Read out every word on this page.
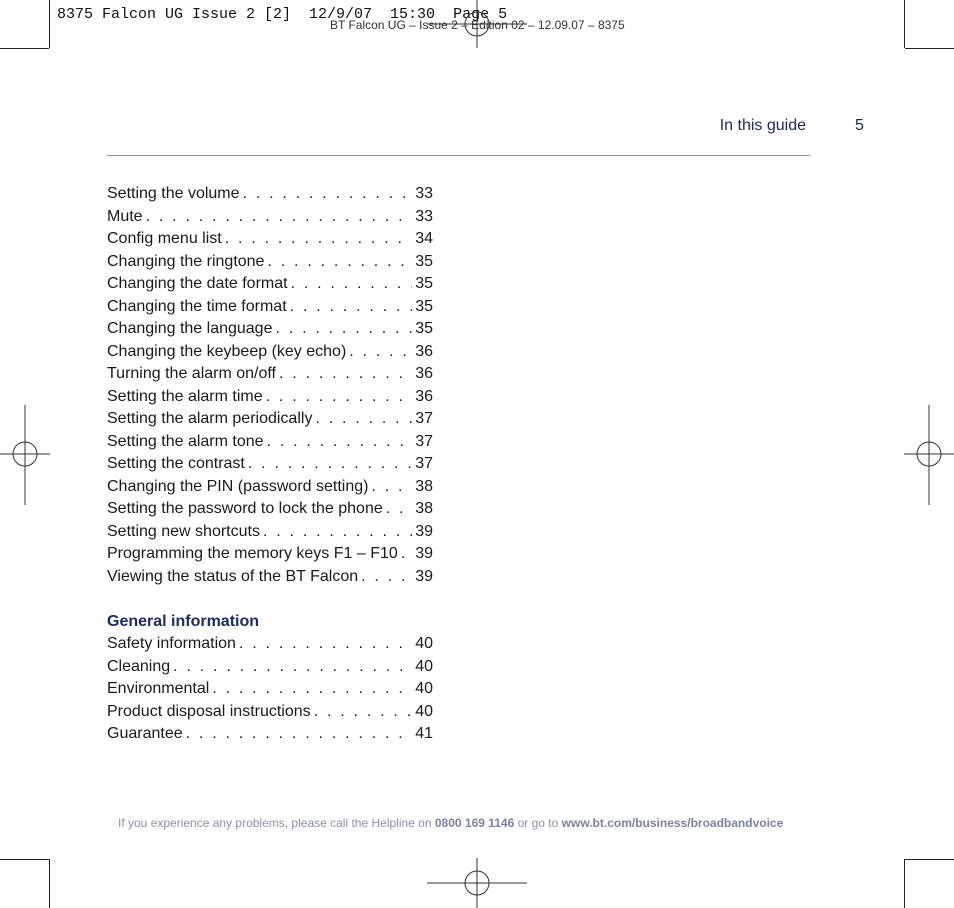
BT Falcon UG – Issue 2 – Edition 02 – 12.09.07 – 8375
8375 Falcon UG Issue 2 [2]  12/9/07  15:30  Page 5
In this guide	5
Setting the volume . . .	33
Mute . . .	33
Config menu list . . .	34
Changing the ringtone . . .	35
Changing the date format . . .	35
Changing the time format . . .	35
Changing the language . . .	35
Changing the keybeep (key echo) . . .	36
Turning the alarm on/off . . .	36
Setting the alarm time . . .	36
Setting the alarm periodically . . .	37
Setting the alarm tone . . .	37
Setting the contrast . . .	37
Changing the PIN (password setting) . . .	38
Setting the password to lock the phone . . . 38
Setting new shortcuts . . .	39
Programming the memory keys F1 – F10 . . . 39
Viewing the status of the BT Falcon . . .	39
General information
Safety information . . .	40
Cleaning . . .	40
Environmental . . .	40
Product disposal instructions . . .	40
Guarantee . . .	41
If you experience any problems, please call the Helpline on 0800 169 1146 or go to www.bt.com/business/broadbandvoice
